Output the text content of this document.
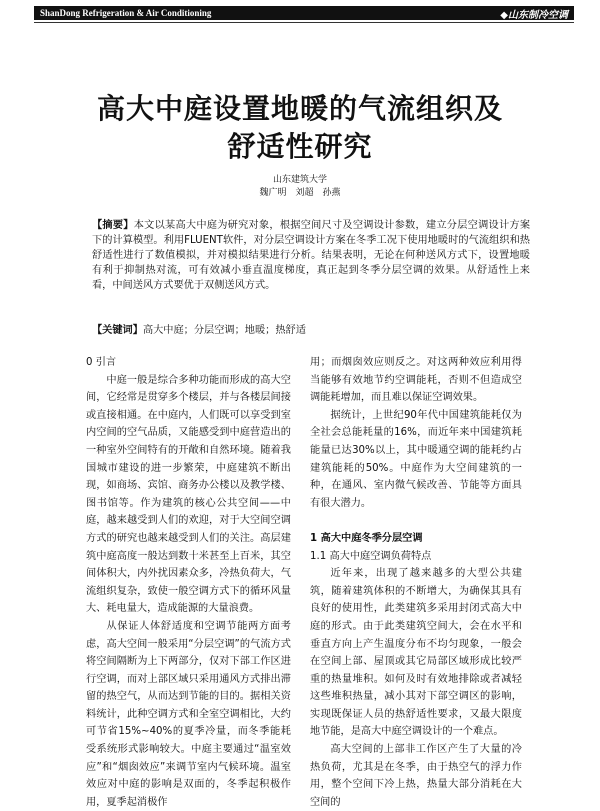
ShanDong Refrigeration & Air Conditioning	◆山东制冷空调
高大中庭设置地暖的气流组织及
舒适性研究
山东建筑大学
魏广明　刘超　孙燕

【摘要】本文以某高大中庭为研究对象，根据空间尺寸及空调设计参数，建立分层空调设计方案下的计算模型。利用FLUENT软件，对分层空调设计方案在冬季工况下使用地暖时的气流组织和热舒适性进行了数值模拟，并对模拟结果进行分析。结果表明，无论在何种送风方式下，设置地暖有利于抑制热对流，可有效减小垂直温度梯度，真正起到冬季分层空调的效果。从舒适性上来看，中间送风方式要优于双侧送风方式。

【关键词】高大中庭；分层空调；地暖；热舒适

0 引言

中庭一般是综合多种功能而形成的高大空间，它经常是贯穿多个楼层，并与各楼层间接或直接相通。在中庭内，人们既可以享受到室内空间的空气品质，又能感受到中庭营造出的一种室外空间特有的开敞和自然环境。随着我国城市建设的进一步繁荣，中庭建筑不断出现，如商场、宾馆、商务办公楼以及教学楼、图书馆等。作为建筑的核心公共空间——中庭，越来越受到人们的欢迎，对于大空间空调方式的研究也越来越受到人们的关注。高层建筑中庭高度一般达到数十米甚至上百米，其空间体积大，内外扰因素众多，冷热负荷大，气流组织复杂，致使一般空调方式下的循环风量大、耗电量大，造成能源的大量浪费。

从保证人体舒适度和空调节能两方面考虑，高大空间一般采用“分层空调”的气流方式将空间隔断为上下两部分，仅对下部工作区进行空调，而对上部区域只采用通风方式排出滞留的热空气，从而达到节能的目的。据相关资料统计，此种空调方式和全室空调相比，大约可节省15%~40%的夏季冷量，而冬季能耗受系统形式影响较大。中庭主要通过“温室效应”和“烟囱效应”来调节室内气候环境。温室效应对中庭的影响是双面的，冬季起积极作用，夏季起消极作

用；而烟囱效应则反之。对这两种效应利用得当能够有效地节约空调能耗，否则不但造成空调能耗增加，而且难以保证空调效果。

据统计，上世纪90年代中国建筑能耗仅为全社会总能耗量的16%，而近年来中国建筑耗能量已达30%以上，其中暖通空调的能耗约占建筑能耗的50%。中庭作为大空间建筑的一种，在通风、室内微气候改善、节能等方面具有很大潜力。

1 高大中庭冬季分层空调
1.1 高大中庭空调负荷特点

近年来，出现了越来越多的大型公共建筑，随着建筑体积的不断增大，为确保其具有良好的使用性，此类建筑多采用封闭式高大中庭的形式。由于此类建筑空间大，会在水平和垂直方向上产生温度分布不均匀现象，一般会在空间上部、屋顶或其它局部区域形成比较严重的热量堆积。如何及时有效地排除或者减轻这些堆积热量，减小其对下部空调区的影响，实现既保证人员的热舒适性要求，又最大限度地节能，是高大中庭空调设计的一个难点。

高大空间的上部非工作区产生了大量的冷热负荷，尤其是在冬季，由于热空气的浮力作用，整个空间下冷上热，热量大部分消耗在大空间的
